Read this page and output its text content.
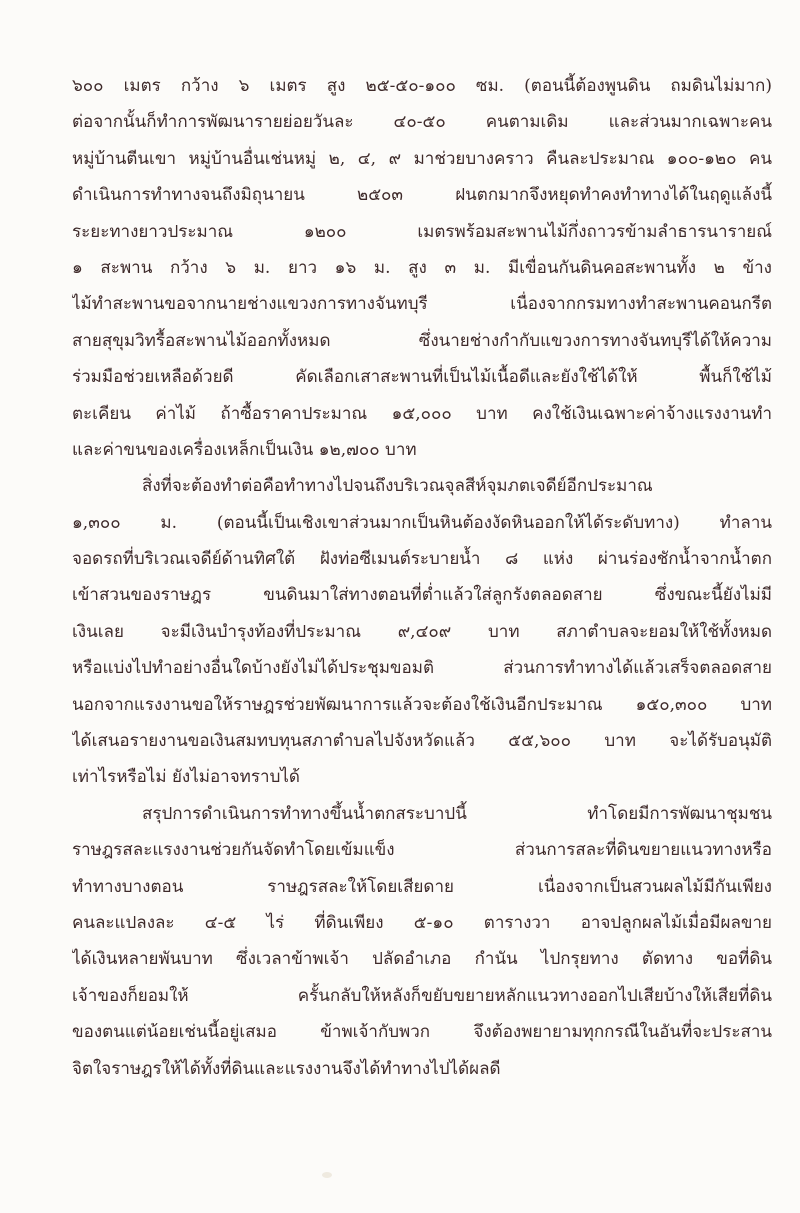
๖๐๐ เมตร กว้าง ๖ เมตร สูง ๒๕-๕๐-๑๐๐ ซม. (ตอนนี้ต้องพูนดิน ถมดินไม่มาก)
ต่อจากนั้นก็ทำการพัฒนารายย่อยวันละ ๔๐-๕๐ คนตามเดิม และส่วนมากเฉพาะคน
หมู่บ้านตีนเขา หมู่บ้านอื่นเช่นหมู่ ๒, ๔, ๙ มาช่วยบางคราว คืนละประมาณ ๑๐๐-๑๒๐ คน
ดำเนินการทำทางจนถึงมิถุนายน ๒๕๐๓ ฝนตกมากจึงหยุดทำคงทำทางได้ในฤดูแล้งนี้
ระยะทางยาวประมาณ ๑๒๐๐ เมตรพร้อมสะพานไม้กึ่งถาวรข้ามลำธารนารายณ์
๑ สะพาน กว้าง ๖ ม. ยาว ๑๖ ม. สูง ๓ ม. มีเขื่อนกันดินคอสะพานทั้ง ๒ ข้าง
ไม้ทำสะพานขอจากนายช่างแขวงการทางจันทบุรี เนื่องจากกรมทางทำสะพานคอนกรีต
สายสุขุมวิทรื้อสะพานไม้ออกทั้งหมด ซึ่งนายช่างกำกับแขวงการทางจันทบุรีได้ให้ความ
ร่วมมือช่วยเหลือด้วยดี คัดเลือกเสาสะพานที่เป็นไม้เนื้อดีและยังใช้ได้ให้ พื้นก็ใช้ไม้
ตะเคียน ค่าไม้ ถ้าซื้อราคาประมาณ ๑๕,๐๐๐ บาท คงใช้เงินเฉพาะค่าจ้างแรงงานทำ
และค่าขนของเครื่องเหล็กเป็นเงิน ๑๒,๗๐๐ บาท
สิ่งที่จะต้องทำต่อคือทำทางไปจนถึงบริเวณจุลสีห์จุมภตเจดีย์อีกประมาณ
๑,๓๐๐ ม. (ตอนนี้เป็นเชิงเขาส่วนมากเป็นหินต้องงัดหินออกให้ได้ระดับทาง) ทำลาน
จอดรถที่บริเวณเจดีย์ด้านทิศใต้ ฝังท่อซีเมนต์ระบายน้ำ ๘ แห่ง ผ่านร่องชักน้ำจากน้ำตก
เข้าสวนของราษฎร ขนดินมาใส่ทางตอนที่ต่ำแล้วใส่ลูกรังตลอดสาย ซึ่งขณะนี้ยังไม่มี
เงินเลย จะมีเงินบำรุงท้องที่ประมาณ ๙,๔๐๙ บาท สภาตำบลจะยอมให้ใช้ทั้งหมด
หรือแบ่งไปทำอย่างอื่นใดบ้างยังไม่ได้ประชุมขอมติ ส่วนการทำทางได้แล้วเสร็จตลอดสาย
นอกจากแรงงานขอให้ราษฎรช่วยพัฒนาการแล้วจะต้องใช้เงินอีกประมาณ ๑๕๐,๓๐๐ บาท
ได้เสนอรายงานขอเงินสมทบทุนสภาตำบลไปจังหวัดแล้ว ๕๕,๖๐๐ บาท จะได้รับอนุมัติ
เท่าไรหรือไม่ ยังไม่อาจทราบได้
สรุปการดำเนินการทำทางขึ้นน้ำตกสระบาปนี้ ทำโดยมีการพัฒนาชุมชน
ราษฎรสละแรงงานช่วยกันจัดทำโดยเข้มแข็ง ส่วนการสละที่ดินขยายแนวทางหรือ
ทำทางบางตอน ราษฎรสละให้โดยเสียดาย เนื่องจากเป็นสวนผลไม้มีกันเพียง
คนละแปลงละ ๔-๕ ไร่ ที่ดินเพียง ๕-๑๐ ตารางวา อาจปลูกผลไม้เมื่อมีผลขาย
ได้เงินหลายพันบาท ซึ่งเวลาข้าพเจ้า ปลัดอำเภอ กำนัน ไปกรุยทาง ตัดทาง ขอที่ดิน
เจ้าของก็ยอมให้ ครั้นกลับให้หลังก็ขยับขยายหลักแนวทางออกไปเสียบ้างให้เสียที่ดิน
ของตนแต่น้อยเช่นนี้อยู่เสมอ ข้าพเจ้ากับพวก จึงต้องพยายามทุกกรณีในอันที่จะประสาน
จิตใจราษฎรให้ได้ทั้งที่ดินและแรงงานจึงได้ทำทางไปได้ผลดี
